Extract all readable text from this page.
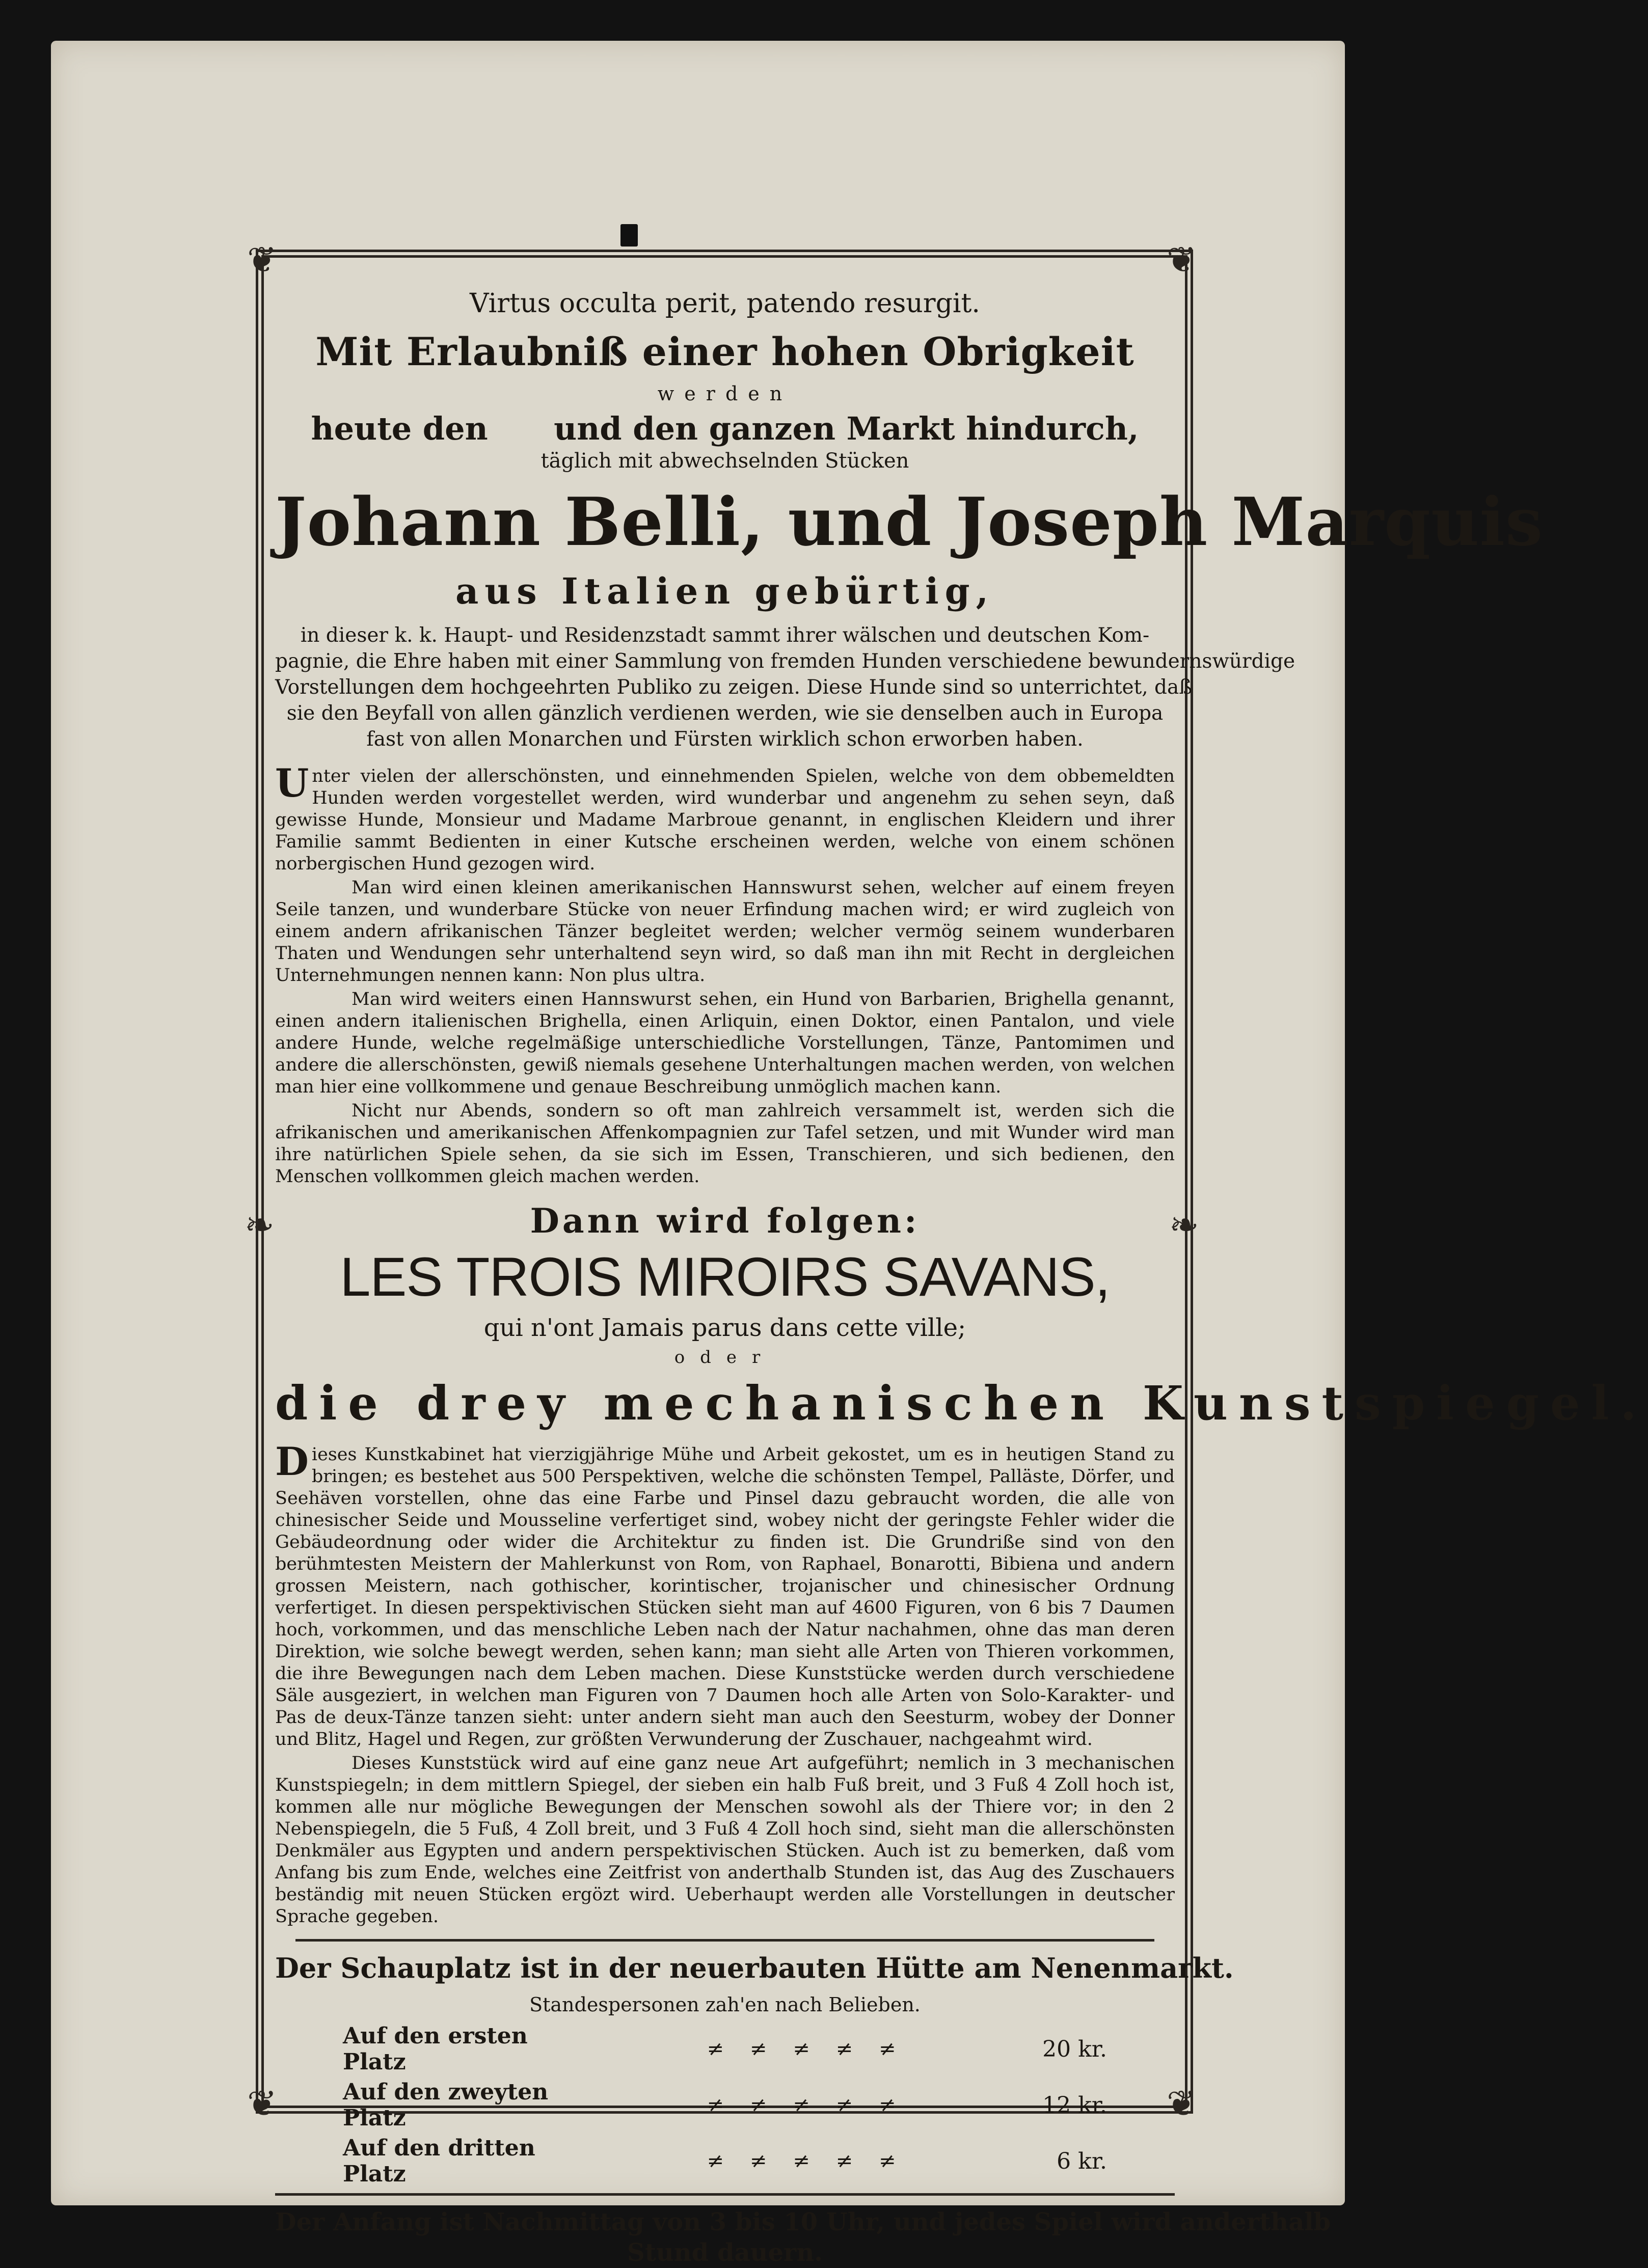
❦	❦
❦	❦
❧	❧

Virtus occulta perit, patendo resurgit.

Mit Erlaubniß einer hohen Obrigkeit

werden

heute den      und den ganzen Markt hindurch,

täglich mit abwechselnden Stücken

Johann Belli, und Joseph Marquis

aus Italien gebürtig,

in dieser k. k. Haupt- und Residenzstadt sammt ihrer wälschen und deutschen Kom-
pagnie, die Ehre haben mit einer Sammlung von fremden Hunden verschiedene bewundernswürdige
Vorstellungen dem hochgeehrten Publiko zu zeigen. Diese Hunde sind so unterrichtet, daß
sie den Beyfall von allen gänzlich verdienen werden, wie sie denselben auch in Europa
fast von allen Monarchen und Fürsten wirklich schon erworben haben.

Unter vielen der allerschönsten, und einnehmenden Spielen, welche von dem obbemeldten Hunden werden vorgestellet werden, wird wunderbar und angenehm zu sehen seyn, daß gewisse Hunde, Monsieur und Madame Marbroue genannt, in englischen Kleidern und ihrer Familie sammt Bedienten in einer Kutsche erscheinen werden, welche von einem schönen norbergischen Hund gezogen wird.

Man wird einen kleinen amerikanischen Hannswurst sehen, welcher auf einem freyen Seile tanzen, und wunderbare Stücke von neuer Erfindung machen wird; er wird zugleich von einem andern afrikanischen Tänzer begleitet werden; welcher vermög seinem wunderbaren Thaten und Wendungen sehr unterhaltend seyn wird, so daß man ihn mit Recht in dergleichen Unternehmungen nennen kann: Non plus ultra.

Man wird weiters einen Hannswurst sehen, ein Hund von Barbarien, Brighella genannt, einen andern italienischen Brighella, einen Arliquin, einen Doktor, einen Pantalon, und viele andere Hunde, welche regelmäßige unterschiedliche Vorstellungen, Tänze, Pantomimen und andere die allerschönsten, gewiß niemals gesehene Unterhaltungen machen werden, von welchen man hier eine vollkommene und genaue Beschreibung unmöglich machen kann.

Nicht nur Abends, sondern so oft man zahlreich versammelt ist, werden sich die afrikanischen und amerikanischen Affenkompagnien zur Tafel setzen, und mit Wunder wird man ihre natürlichen Spiele sehen, da sie sich im Essen, Transchieren, und sich bedienen, den Menschen vollkommen gleich machen werden.

Dann wird folgen:

LES TROIS MIROIRS SAVANS,

qui n'ont Jamais parus dans cette ville;

oder

die drey mechanischen Kunstspiegel.

Dieses Kunstkabinet hat vierzigjährige Mühe und Arbeit gekostet, um es in heutigen Stand zu bringen; es bestehet aus 500 Perspektiven, welche die schönsten Tempel, Palläste, Dörfer, und Seehäven vorstellen, ohne das eine Farbe und Pinsel dazu gebraucht worden, die alle von chinesischer Seide und Mousseline verfertiget sind, wobey nicht der geringste Fehler wider die Gebäudeordnung oder wider die Architektur zu finden ist. Die Grundriße sind von den berühmtesten Meistern der Mahlerkunst von Rom, von Raphael, Bonarotti, Bibiena und andern grossen Meistern, nach gothischer, korintischer, trojanischer und chinesischer Ordnung verfertiget. In diesen perspektivischen Stücken sieht man auf 4600 Figuren, von 6 bis 7 Daumen hoch, vorkommen, und das menschliche Leben nach der Natur nachahmen, ohne das man deren Direktion, wie solche bewegt werden, sehen kann; man sieht alle Arten von Thieren vorkommen, die ihre Bewegungen nach dem Leben machen. Diese Kunststücke werden durch verschiedene Säle ausgeziert, in welchen man Figuren von 7 Daumen hoch alle Arten von Solo-Karakter- und Pas de deux-Tänze tanzen sieht: unter andern sieht man auch den Seesturm, wobey der Donner und Blitz, Hagel und Regen, zur größten Verwunderung der Zuschauer, nachgeahmt wird.

Dieses Kunststück wird auf eine ganz neue Art aufgeführt; nemlich in 3 mechanischen Kunstspiegeln; in dem mittlern Spiegel, der sieben ein halb Fuß breit, und 3 Fuß 4 Zoll hoch ist, kommen alle nur mögliche Bewegungen der Menschen sowohl als der Thiere vor; in den 2 Nebenspiegeln, die 5 Fuß, 4 Zoll breit, und 3 Fuß 4 Zoll hoch sind, sieht man die allerschönsten Denkmäler aus Egypten und andern perspektivischen Stücken. Auch ist zu bemerken, daß vom Anfang bis zum Ende, welches eine Zeitfrist von anderthalb Stunden ist, das Aug des Zuschauers beständig mit neuen Stücken ergözt wird. Ueberhaupt werden alle Vorstellungen in deutscher Sprache gegeben.

Der Schauplatz ist in der neuerbauten Hütte am Nenenmarkt.

Standespersonen zah'en nach Belieben.

Auf den ersten Platz	≠    ≠    ≠    ≠    ≠	20 kr.
Auf den zweyten Platz	≠    ≠    ≠    ≠    ≠	12 kr.
Auf den dritten Platz	≠    ≠    ≠    ≠    ≠	6 kr.
Der Anfang ist Nachmittag von 3 bis 10 Uhr, und jedes Spiel wird anderthalb
Stund dauern.
